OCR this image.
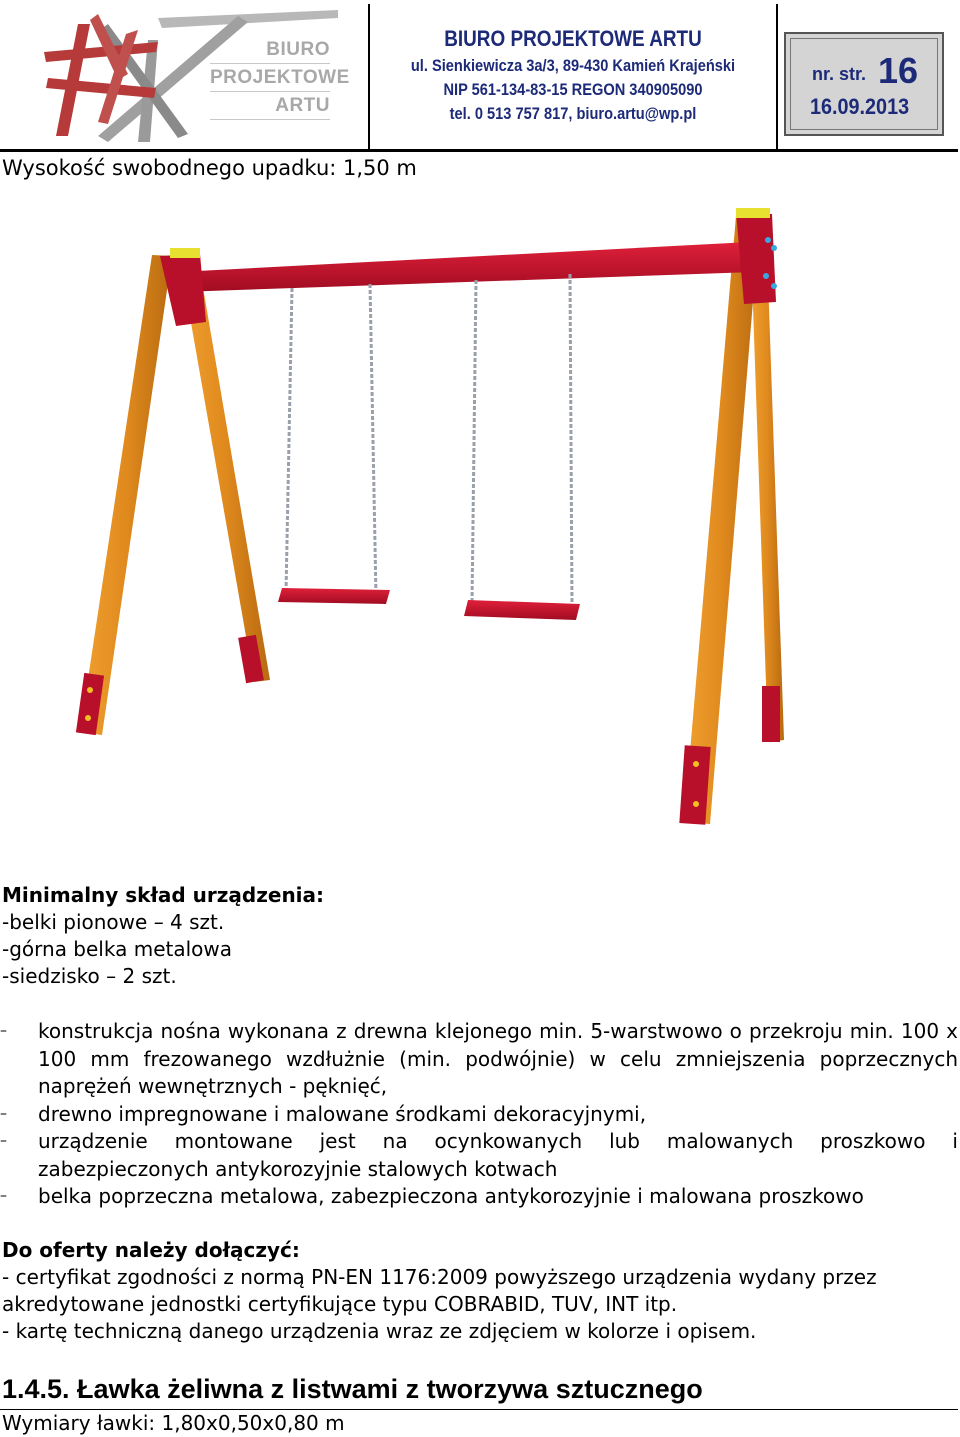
BIURO
PROJEKTOWE
ARTU
BIURO PROJEKTOWE ARTU
ul. Sienkiewicza 3a/3, 89-430 Kamień Krajeński
NIP 561-134-83-15 REGON 340905090
tel. 0 513 757 817, biuro.artu@wp.pl
nr. str. 16
16.09.2013
Wysokość swobodnego upadku: 1,50 m
Minimalny skład urządzenia:
-belki pionowe – 4 szt.
-górna belka metalowa
-siedzisko – 2 szt.
– konstrukcja nośna wykonana z drewna klejonego min. 5-warstwowo o przekroju min. 100 x 100 mm frezowanego wzdłużnie (min. podwójnie) w celu zmniejszenia poprzecznych naprężeń wewnętrznych - pęknięć,
– drewno impregnowane i malowane środkami dekoracyjnymi,
– urządzenie montowane jest na ocynkowanych lub malowanych proszkowo i zabezpieczonych antykorozyjnie stalowych kotwach
– belka poprzeczna metalowa, zabezpieczona antykorozyjnie i malowana proszkowo
Do oferty należy dołączyć:
- certyfikat zgodności z normą PN-EN 1176:2009 powyższego urządzenia wydany przez
akredytowane jednostki certyfikujące typu COBRABID, TUV, INT itp.
- kartę techniczną danego urządzenia wraz ze zdjęciem w kolorze i opisem.
1.4.5. Ławka żeliwna z listwami z tworzywa sztucznego
Wymiary ławki: 1,80x0,50x0,80 m
